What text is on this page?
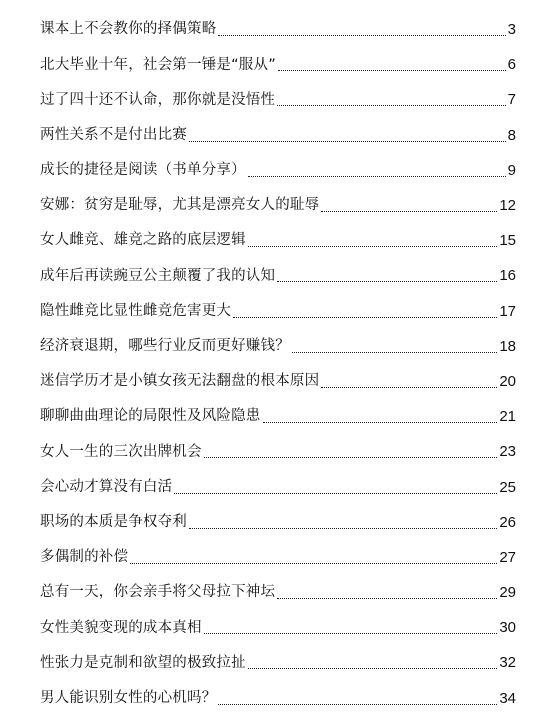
课本上不会教你的择偶策略	3
北大毕业十年，社会第一锤是“服从”	6
过了四十还不认命，那你就是没悟性	7
两性关系不是付出比赛	8
成长的捷径是阅读（书单分享）	9
安娜：贫穷是耻辱，尤其是漂亮女人的耻辱	12
女人雌竞、雄竞之路的底层逻辑	15
成年后再读豌豆公主颠覆了我的认知	16
隐性雌竞比显性雌竞危害更大	17
经济衰退期，哪些行业反而更好赚钱？	18
迷信学历才是小镇女孩无法翻盘的根本原因	20
聊聊曲曲理论的局限性及风险隐患	21
女人一生的三次出牌机会	23
会心动才算没有白活	25
职场的本质是争权夺利	26
多偶制的补偿	27
总有一天，你会亲手将父母拉下神坛	29
女性美貌变现的成本真相	30
性张力是克制和欲望的极致拉扯	32
男人能识别女性的心机吗？	34
